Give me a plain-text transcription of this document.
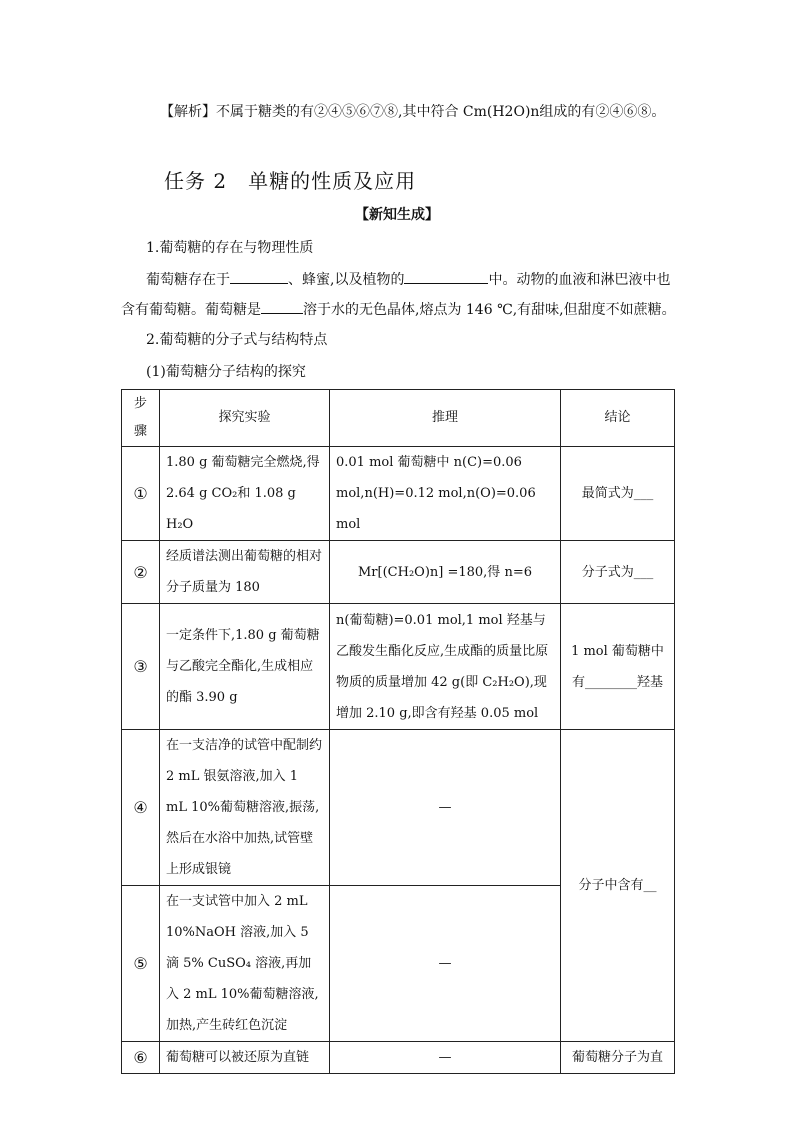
【解析】不属于糖类的有②④⑤⑥⑦⑧,其中符合 Cm(H2O)n组成的有②④⑥⑧。
任务 2　单糖的性质及应用
【新知生成】
1.葡萄糖的存在与物理性质
葡萄糖存在于	、蜂蜜,以及植物的	中。动物的血液和淋巴液中也
含有葡萄糖。葡萄糖是	溶于水的无色晶体,熔点为 146 ℃,有甜味,但甜度不如蔗糖。
2.葡萄糖的分子式与结构特点
(1)葡萄糖分子结构的探究
步骤	探究实验	推理	结论
①	1.80 g 葡萄糖完全燃烧,得 2.64 g CO₂和 1.08 g H₂O	0.01 mol 葡萄糖中 n(C)=0.06 mol,n(H)=0.12 mol,n(O)=0.06 mol	最简式为___
②	经质谱法测出葡萄糖的相对分子质量为 180	Mr[(CH₂O)n] =180,得 n=6	分子式为___
③	一定条件下,1.80 g 葡萄糖与乙酸完全酯化,生成相应的酯 3.90 g	n(葡萄糖)=0.01 mol,1 mol 羟基与乙酸发生酯化反应,生成酯的质量比原物质的质量增加 42 g(即 C₂H₂O),现增加 2.10 g,即含有羟基 0.05 mol	1 mol 葡萄糖中有________羟基
④	在一支洁净的试管中配制约 2 mL 银氨溶液,加入 1 mL 10%葡萄糖溶液,振荡,然后在水浴中加热,试管壁上形成银镜	—	分子中含有__
⑤	在一支试管中加入 2 mL 10%NaOH 溶液,加入 5 滴 5% CuSO₄ 溶液,再加入 2 mL 10%葡萄糖溶液,加热,产生砖红色沉淀	—	
⑥	葡萄糖可以被还原为直链	—	葡萄糖分子为直
